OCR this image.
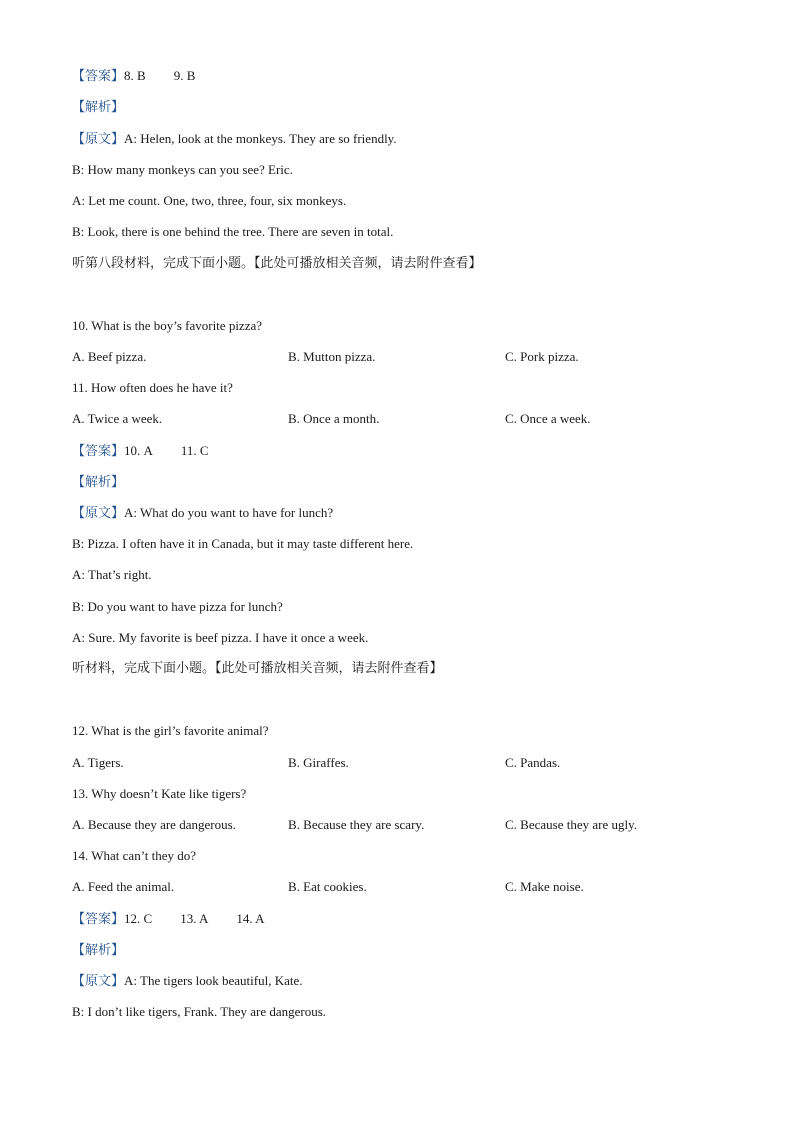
【答案】8. B 9. B
【解析】
【原文】A: Helen, look at the monkeys. They are so friendly.
B: How many monkeys can you see? Eric.
A: Let me count. One, two, three, four, six monkeys.
B: Look, there is one behind the tree. There are seven in total.
听第八段材料，完成下面小题。【此处可播放相关音频，请去附件查看】
10. What is the boy’s favorite pizza?
A. Beef pizza.	B. Mutton pizza.	C. Pork pizza.
11. How often does he have it?
A. Twice a week.	B. Once a month.	C. Once a week.
【答案】10. A 11. C
【解析】
【原文】A: What do you want to have for lunch?
B: Pizza. I often have it in Canada, but it may taste different here.
A: That’s right.
B: Do you want to have pizza for lunch?
A: Sure. My favorite is beef pizza. I have it once a week.
听材料，完成下面小题。【此处可播放相关音频，请去附件查看】
12. What is the girl’s favorite animal?
A. Tigers.	B. Giraffes.	C. Pandas.
13. Why doesn’t Kate like tigers?
A. Because they are dangerous.	B. Because they are scary.	C. Because they are ugly.
14. What can’t they do?
A. Feed the animal.	B. Eat cookies.	C. Make noise.
【答案】12. C 13. A 14. A
【解析】
【原文】A: The tigers look beautiful, Kate.
B: I don’t like tigers, Frank. They are dangerous.
